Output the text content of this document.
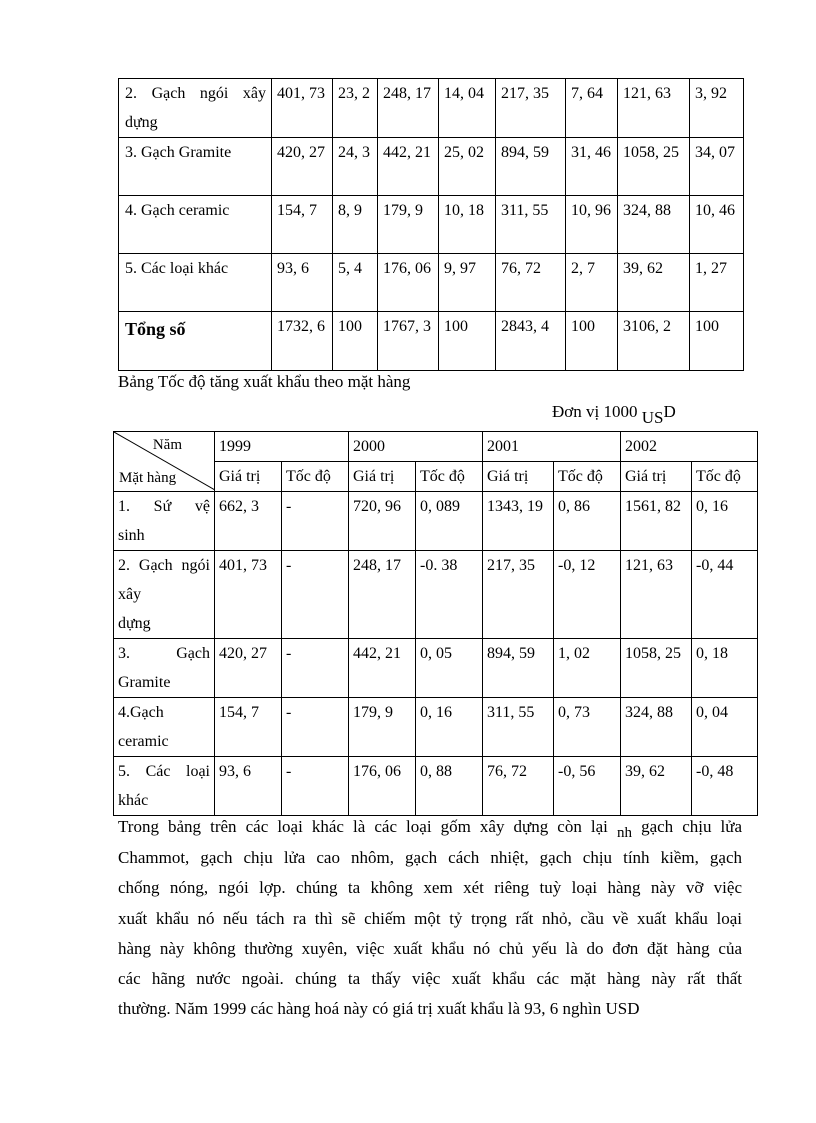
2. Gạch ngói xây dựng	401, 73	23, 2	248, 17	14, 04	217, 35	7, 64	121, 63	3, 92
3. Gạch Gramite	420, 27	24, 3	442, 21	25, 02	894, 59	31, 46	1058, 25	34, 07
4. Gạch ceramic	154, 7	8, 9	179, 9	10, 18	311, 55	10, 96	324, 88	10, 46
5. Các loại khác	93, 6	5, 4	176, 06	9, 97	76, 72	2, 7	39, 62	1, 27
Tổng số	1732, 6	100	1767, 3	100	2843, 4	100	3106, 2	100
Bảng Tốc độ tăng xuất khẩu theo mặt hàng
Đơn vị 1000 USD
Năm
Mặt hàng	1999		2000		2001		2002	
	Giá trị	Tốc độ	Giá trị	Tốc độ	Giá trị	Tốc độ	Giá trị	Tốc độ
1. Sứ vệ
sinh	662, 3	-	720, 96	0, 089	1343, 19	0, 86	1561, 82	0, 16
2. Gạch ngói xây
dựng	401, 73	-	248, 17	-0. 38	217, 35	-0, 12	121, 63	-0, 44
3. Gạch
Gramite	420, 27	-	442, 21	0, 05	894, 59	1, 02	1058, 25	0, 18

4.Gạch
ceramic	154, 7	-	179, 9	0, 16	311, 55	0, 73	324, 88	0, 04
5. Các loại
khác	93, 6	-	176, 06	0, 88	76, 72	-0, 56	39, 62	-0, 48
Trong bảng trên các loại khác là các loại gốm xây dựng còn lại nh gạch chịu lửa
Chammot, gạch chịu lửa cao nhôm, gạch cách nhiệt, gạch chịu tính kiềm, gạch
chống nóng, ngói lợp. chúng ta không xem xét riêng tuỳ loại hàng này vỡ việc
xuất khẩu nó nếu tách ra thì sẽ chiếm một tỷ trọng rất nhỏ, cầu về xuất khẩu loại
hàng này không thường xuyên, việc xuất khẩu nó chủ yếu là do đơn đặt hàng của
các hãng nước ngoài. chúng ta thấy việc xuất khẩu các mặt hàng này rất thất
thường. Năm 1999 các hàng hoá này có giá trị xuất khẩu là 93, 6 nghìn USD
